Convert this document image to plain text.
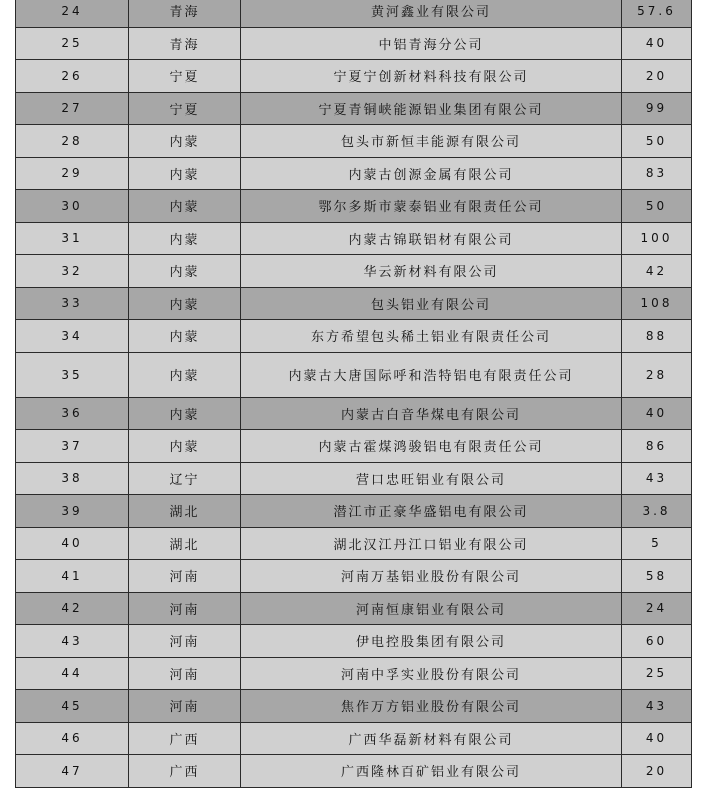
24	青海	黄河鑫业有限公司	57.6
25	青海	中铝青海分公司	40
26	宁夏	宁夏宁创新材料科技有限公司	20
27	宁夏	宁夏青铜峡能源铝业集团有限公司	99
28	内蒙	包头市新恒丰能源有限公司	50
29	内蒙	内蒙古创源金属有限公司	83
30	内蒙	鄂尔多斯市蒙泰铝业有限责任公司	50
31	内蒙	内蒙古锦联铝材有限公司	100
32	内蒙	华云新材料有限公司	42
33	内蒙	包头铝业有限公司	108
34	内蒙	东方希望包头稀土铝业有限责任公司	88
35	内蒙	内蒙古大唐国际呼和浩特铝电有限责任公司	28
36	内蒙	内蒙古白音华煤电有限公司	40
37	内蒙	内蒙古霍煤鸿骏铝电有限责任公司	86
38	辽宁	营口忠旺铝业有限公司	43
39	湖北	潜江市正豪华盛铝电有限公司	3.8
40	湖北	湖北汉江丹江口铝业有限公司	5
41	河南	河南万基铝业股份有限公司	58
42	河南	河南恒康铝业有限公司	24
43	河南	伊电控股集团有限公司	60
44	河南	河南中孚实业股份有限公司	25
45	河南	焦作万方铝业股份有限公司	43
46	广西	广西华磊新材料有限公司	40
47	广西	广西隆林百矿铝业有限公司	20
